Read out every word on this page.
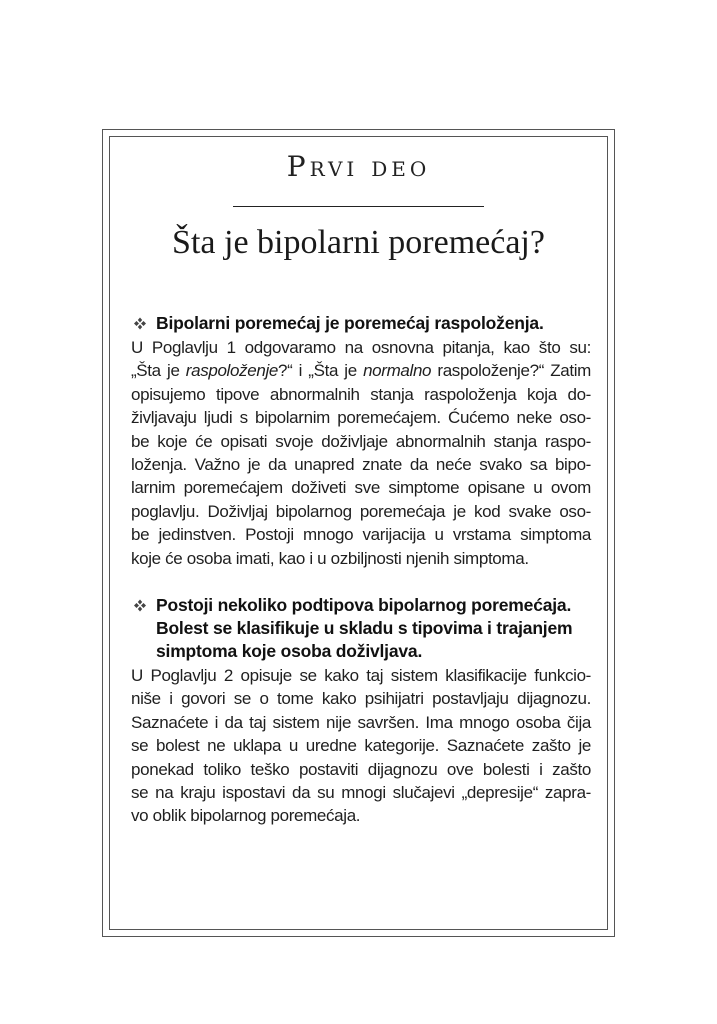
Prvi deo
Šta je bipolarni poremećaj?
Bipolarni poremećaj je poremećaj raspoloženja.
U Poglavlju 1 odgovaramo na osnovna pitanja, kao što su:
„Šta je raspoloženje?“ i „Šta je normalno raspoloženje?“ Zatim
opisujemo tipove abnormalnih stanja raspoloženja koja do-
življavaju ljudi s bipolarnim poremećajem. Ćućemo neke oso-
be koje će opisati svoje doživljaje abnormalnih stanja raspo-
loženja. Važno je da unapred znate da neće svako sa bipo-
larnim poremećajem doživeti sve simptome opisane u ovom
poglavlju. Doživljaj bipolarnog poremećaja je kod svake oso-
be jedinstven. Postoji mnogo varijacija u vrstama simptoma
koje će osoba imati, kao i u ozbiljnosti njenih simptoma.
Postoji nekoliko podtipova bipolarnog poremećaja.
Bolest se klasifikuje u skladu s tipovima i trajanjem
simptoma koje osoba doživljava.
U Poglavlju 2 opisuje se kako taj sistem klasifikacije funkcio-
niše i govori se o tome kako psihijatri postavljaju dijagnozu.
Saznaćete i da taj sistem nije savršen. Ima mnogo osoba čija
se bolest ne uklapa u uredne kategorije. Saznaćete zašto je
ponekad toliko teško postaviti dijagnozu ove bolesti i zašto
se na kraju ispostavi da su mnogi slučajevi „depresije“ zapra-
vo oblik bipolarnog poremećaja.
